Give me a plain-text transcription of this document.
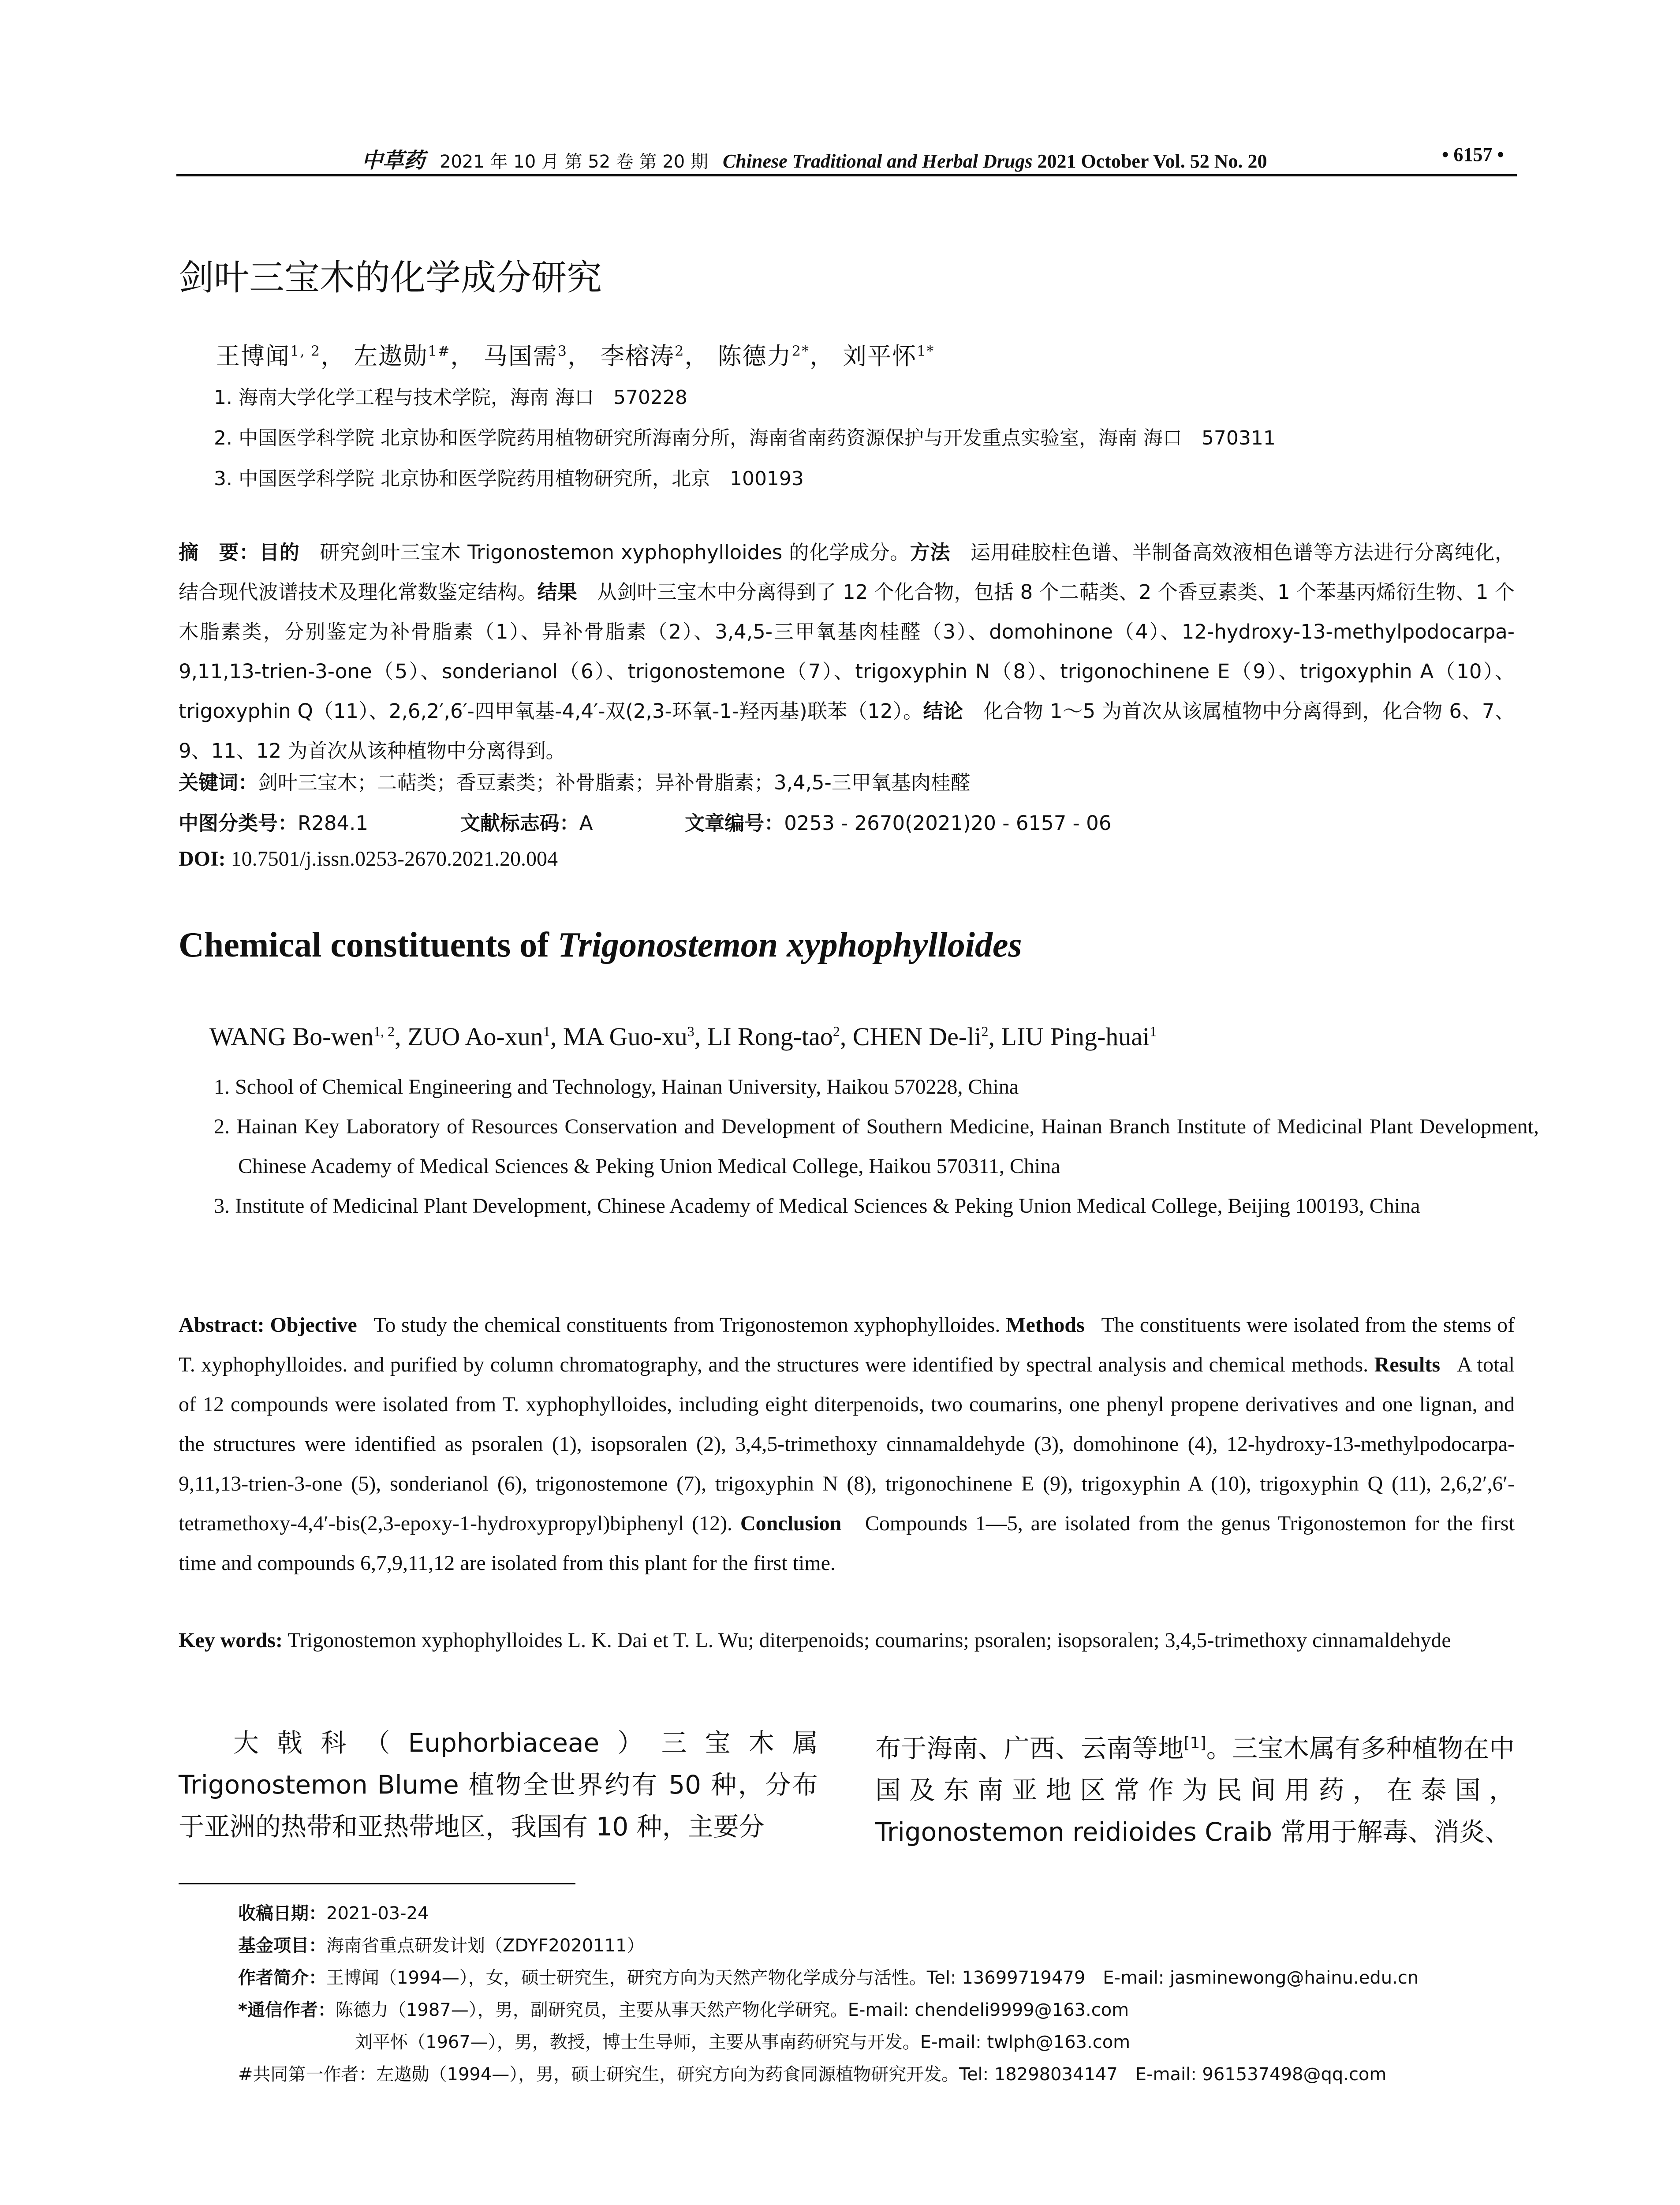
中草药 2021 年 10 月 第 52 卷 第 20 期 Chinese Traditional and Herbal Drugs 2021 October Vol. 52 No. 20	• 6157 •
剑叶三宝木的化学成分研究
王博闻$^{1, 2}$， 左遨勋$^{1\#}$， 马国需$^3$， 李榕涛$^2$， 陈德力$^{2*}$， 刘平怀$^{1*}$
1. 海南大学化学工程与技术学院，海南 海口　570228
2. 中国医学科学院 北京协和医学院药用植物研究所海南分所，海南省南药资源保护与开发重点实验室，海南 海口　570311
3. 中国医学科学院 北京协和医学院药用植物研究所，北京　100193
摘　要：目的　 研究剑叶三宝木 Trigonostemon xyphophylloides 的化学成分。方法　 运用硅胶柱色谱、半制备高效液相色谱等方法进行分离纯化，结合现代波谱技术及理化常数鉴定结构。结果　 从剑叶三宝木中分离得到了 12 个化合物，包括 8 个二萜类、2 个香豆素类、1 个苯基丙烯衍生物、1 个木脂素类，分别鉴定为补骨脂素（1）、异补骨脂素（2）、3,4,5-三甲氧基肉桂醛（3）、domohinone（4）、12-hydroxy-13-methylpodocarpa-9,11,13-trien-3-one（5）、sonderianol（6）、trigonostemone（7）、trigoxyphin N（8）、trigonochinene E（9）、trigoxyphin A（10）、trigoxyphin Q（11）、2,6,2′,6′-四甲氧基-4,4′-双(2,3-环氧-1-羟丙基)联苯（12）。结论　 化合物 1～5 为首次从该属植物中分离得到，化合物 6、7、9、11、12 为首次从该种植物中分离得到。
关键词：剑叶三宝木；二萜类；香豆素类；补骨脂素；异补骨脂素；3,4,5-三甲氧基肉桂醛
中图分类号：R284.1	文献标志码：A	文章编号：0253 - 2670(2021)20 - 6157 - 06
DOI: 10.7501/j.issn.0253-2670.2021.20.004
Chemical constituents of Trigonostemon xyphophylloides
WANG Bo-wen$^{1, 2}$, ZUO Ao-xun$^1$, MA Guo-$xu^3$, LI Rong-tao$^2$, CHEN $De-li^2$, LIU Ping-huai$^1$
1. School of Chemical Engineering and Technology, Hainan University, Haikou 570228, China
2. Hainan Key Laboratory of Resources Conservation and Development of Southern Medicine, Hainan Branch Institute of Medicinal Plant Development, Chinese Academy of Medical Sciences & Peking Union Medical College, Haikou 570311, China
3. Institute of Medicinal Plant Development, Chinese Academy of Medical Sciences & Peking Union Medical College, Beijing 100193, China
Abstract: Objective To study the chemical constituents from Trigonostemon xyphophylloides. Methods The constituents were isolated from the stems of T. xyphophylloides. and purified by column chromatography, and the structures were identified by spectral analysis and chemical methods. Results A total of 12 compounds were isolated from T. xyphophylloides, including eight diterpenoids, two coumarins, one phenyl propene derivatives and one lignan, and the structures were identified as psoralen (1), isopsoralen (2), 3,4,5-trimethoxy cinnamaldehyde (3), domohinone (4), 12-hydroxy-13-methylpodocarpa-9,11,13-trien-3-one (5), sonderianol (6), trigonostemone (7), trigoxyphin N (8), trigonochinene E (9), trigoxyphin A (10), trigoxyphin Q (11), 2,6,2′,6′-tetramethoxy-4,4′-bis(2,3-epoxy-1-hydroxypropyl)biphenyl (12). Conclusion Compounds 1—5, are isolated from the genus Trigonostemon for the first time and compounds 6,7,9,11,12 are isolated from this plant for the first time.
Key words: Trigonostemon xyphophylloides L. K. Dai et T. L. Wu; diterpenoids; coumarins; psoralen; isopsoralen; 3,4,5-trimethoxy cinnamaldehyde
大戟科（Euphorbiaceae）三宝木属 Trigonostemon Blume 植物全世界约有 50 种，分布于亚洲的热带和亚热带地区，我国有 10 种，主要分
布于海南、广西、云南等地[1]。三宝木属有多种植物在中国及东南亚地区常作为民间用药，在泰国，Trigonostemon reidioides Craib 常用于解毒、消炎、
收稿日期：2021-03-24
基金项目：海南省重点研发计划（ZDYF2020111）
作者简介：王博闻（1994—），女，硕士研究生，研究方向为天然产物化学成分与活性。Tel: 13699719479　E-mail: jasminewong@hainu.edu.cn
*通信作者：陈德力（1987—），男，副研究员，主要从事天然产物化学研究。E-mail: chendeli9999@163.com
刘平怀（1967—），男，教授，博士生导师，主要从事南药研究与开发。E-mail: twlph@163.com
#共同第一作者：左遨勋（1994—），男，硕士研究生，研究方向为药食同源植物研究开发。Tel: 18298034147　E-mail: 961537498@qq.com
